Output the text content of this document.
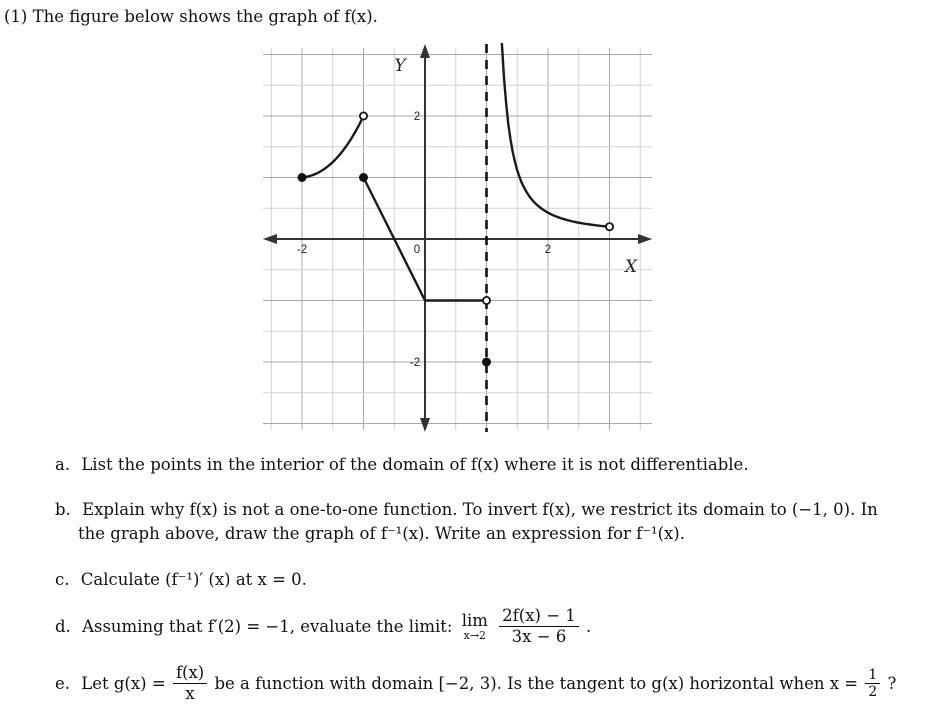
(1) The figure below shows the graph of f(x).
-2	0	2
2
-2
Y
X
a. List the points in the interior of the domain of f(x) where it is not differentiable.
b. Explain why f(x) is not a one-to-one function. To invert f(x), we restrict its domain to (−1, 0). In
the graph above, draw the graph of f⁻¹(x). Write an expression for f⁻¹(x).
c. Calculate (f⁻¹)′ (x) at x = 0.
d. Assuming that f′(2) = −1, evaluate the limit: lim
x→2
$\frac{2f(x) - 1}{3x - 6}$ .
e. Let $g(x) = \frac{f(x)}{x}$ be a function with domain [−2, 3). Is the tangent to g(x) horizontal when $x = \frac{1}{2}$ ?
